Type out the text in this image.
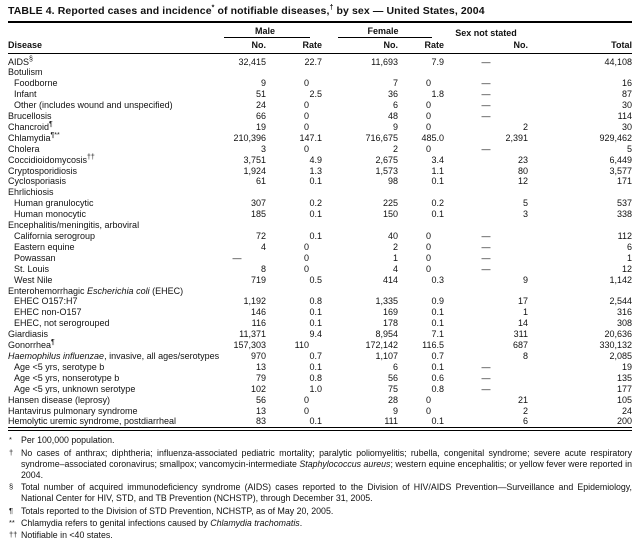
TABLE 4. Reported cases and incidence* of notifiable diseases,† by sex — United States, 2004

	Male		Female		Sex not stated	
Disease	No.	Rate	No.	Rate	No.	Total
AIDS§	32,415	22.7	11,693	7.9	—	44,108
Botulism						
Foodborne	9	0	7	0	—	16
Infant	51	2.5	36	1.8	—	87
Other (includes wound and unspecified)	24	0	6	0	—	30
Brucellosis	66	0	48	0	—	114
Chancroid¶	19	0	9	0	2	30
Chlamydia¶**	210,396	147.1	716,675	485.0	2,391	929,462
Cholera	3	0	2	0	—	5
Coccidioidomycosis††	3,751	4.9	2,675	3.4	23	6,449
Cryptosporidiosis	1,924	1.3	1,573	1.1	80	3,577
Cyclosporiasis	61	0.1	98	0.1	12	171
Ehrlichiosis						
Human granulocytic	307	0.2	225	0.2	5	537
Human monocytic	185	0.1	150	0.1	3	338
Encephalitis/meningitis, arboviral						
California serogroup	72	0.1	40	0	—	112
Eastern equine	4	0	2	0	—	6
Powassan	—	0	1	0	—	1
St. Louis	8	0	4	0	—	12
West Nile	719	0.5	414	0.3	9	1,142
Enterohemorrhagic Escherichia coli (EHEC)						
EHEC O157:H7	1,192	0.8	1,335	0.9	17	2,544
EHEC non-O157	146	0.1	169	0.1	1	316
EHEC, not serogrouped	116	0.1	178	0.1	14	308
Giardiasis	11,371	9.4	8,954	7.1	311	20,636
Gonorrhea¶	157,303	110	172,142	116.5	687	330,132
Haemophilus influenzae, invasive, all ages/serotypes	970	0.7	1,107	0.7	8	2,085
Age <5 yrs, serotype b	13	0.1	6	0.1	—	19
Age <5 yrs, nonserotype b	79	0.8	56	0.6	—	135
Age <5 yrs, unknown serotype	102	1.0	75	0.8	—	177
Hansen disease (leprosy)	56	0	28	0	21	105
Hantavirus pulmonary syndrome	13	0	9	0	2	24
Hemolytic uremic syndrome, postdiarrheal	83	0.1	111	0.1	6	200
* Per 100,000 population.
† No cases of anthrax; diphtheria; influenza-associated pediatric mortality; paralytic poliomyelitis; rubella, congenital syndrome; severe acute respiratory syndrome–associated coronavirus; smallpox; vancomycin-intermediate Staphylococcus aureus; western equine encephalitis; or yellow fever were reported in 2004.
§ Total number of acquired immunodeficiency syndrome (AIDS) cases reported to the Division of HIV/AIDS Prevention—Surveillance and Epidemiology, National Center for HIV, STD, and TB Prevention (NCHSTP), through December 31, 2005.
¶ Totals reported to the Division of STD Prevention, NCHSTP, as of May 20, 2005.
** Chlamydia refers to genital infections caused by Chlamydia trachomatis.
†† Notifiable in <40 states.
